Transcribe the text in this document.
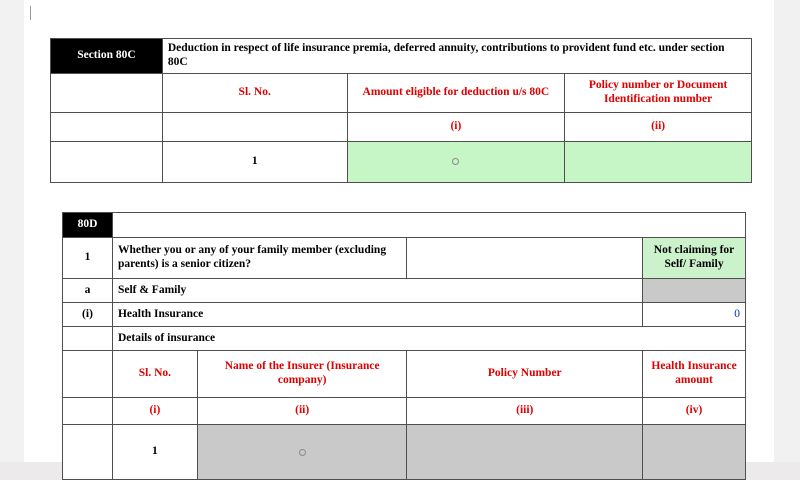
Section 80C	Deduction in respect of life insurance premia, deferred annuity, contributions to provident fund etc. under section 80C		
	Sl. No.	Amount eligible for deduction u/s 80C	Policy number or Document Identification number
		(i)	(ii)
	1	

80D				
1	Whether you or any of your family member (excluding parents) is a senior citizen?			Not claiming for Self/ Family
a	Self & Family			
(i)	Health Insurance			0
	Details of insurance			
	Sl. No.	Name of the Insurer (Insurance company)	Policy Number	Health Insurance amount
	(i)	(ii)	(iii)	(iv)
	1	
